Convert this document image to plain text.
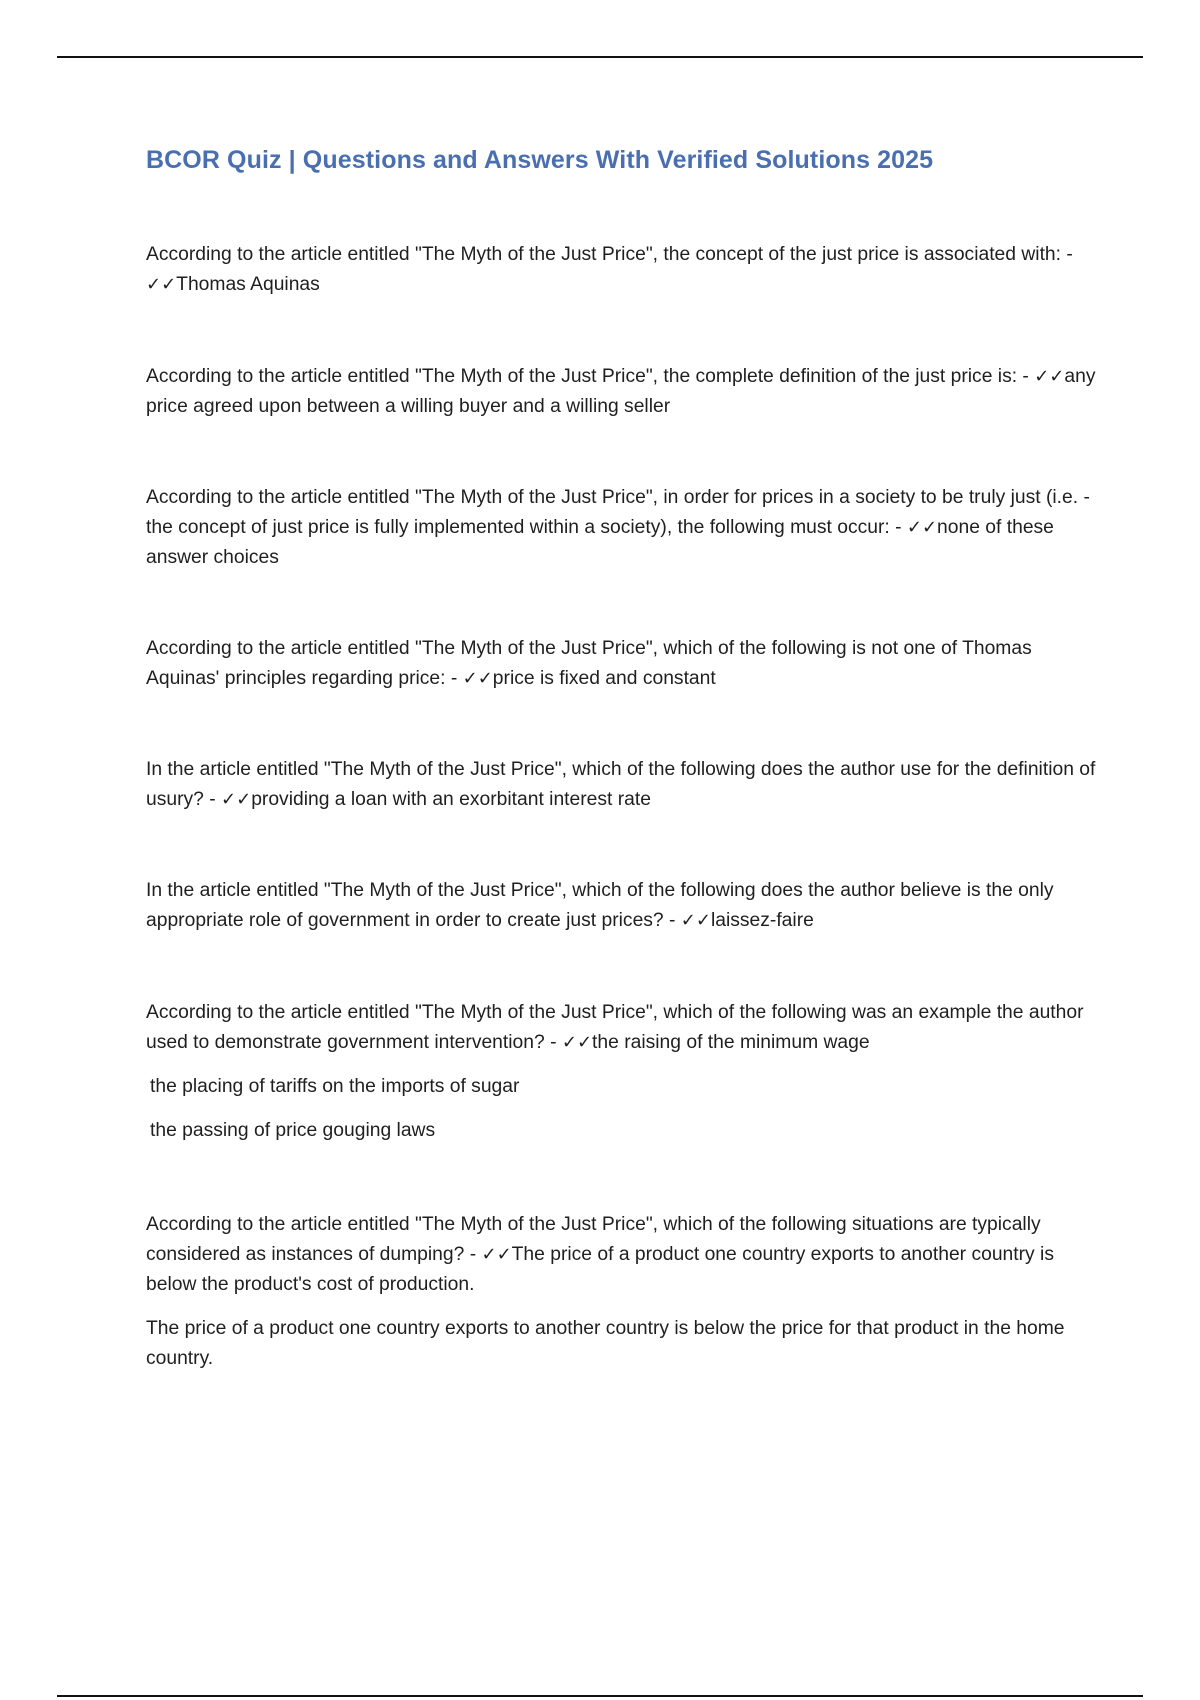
BCOR Quiz | Questions and Answers With Verified Solutions 2025

According to the article entitled "The Myth of the Just Price", the concept of the just price is associated with: - ✓✓Thomas Aquinas

According to the article entitled "The Myth of the Just Price", the complete definition of the just price is: - ✓✓any price agreed upon between a willing buyer and a willing seller

According to the article entitled "The Myth of the Just Price", in order for prices in a society to be truly just (i.e. - the concept of just price is fully implemented within a society), the following must occur: - ✓✓none of these answer choices

According to the article entitled "The Myth of the Just Price", which of the following is not one of Thomas Aquinas' principles regarding price: - ✓✓price is fixed and constant

In the article entitled "The Myth of the Just Price", which of the following does the author use for the definition of usury? - ✓✓providing a loan with an exorbitant interest rate

In the article entitled "The Myth of the Just Price", which of the following does the author believe is the only appropriate role of government in order to create just prices? - ✓✓laissez-faire

According to the article entitled "The Myth of the Just Price", which of the following was an example the author used to demonstrate government intervention? - ✓✓the raising of the minimum wage

the placing of tariffs on the imports of sugar

the passing of price gouging laws

According to the article entitled "The Myth of the Just Price", which of the following situations are typically considered as instances of dumping? - ✓✓The price of a product one country exports to another country is below the product's cost of production.

The price of a product one country exports to another country is below the price for that product in the home country.
